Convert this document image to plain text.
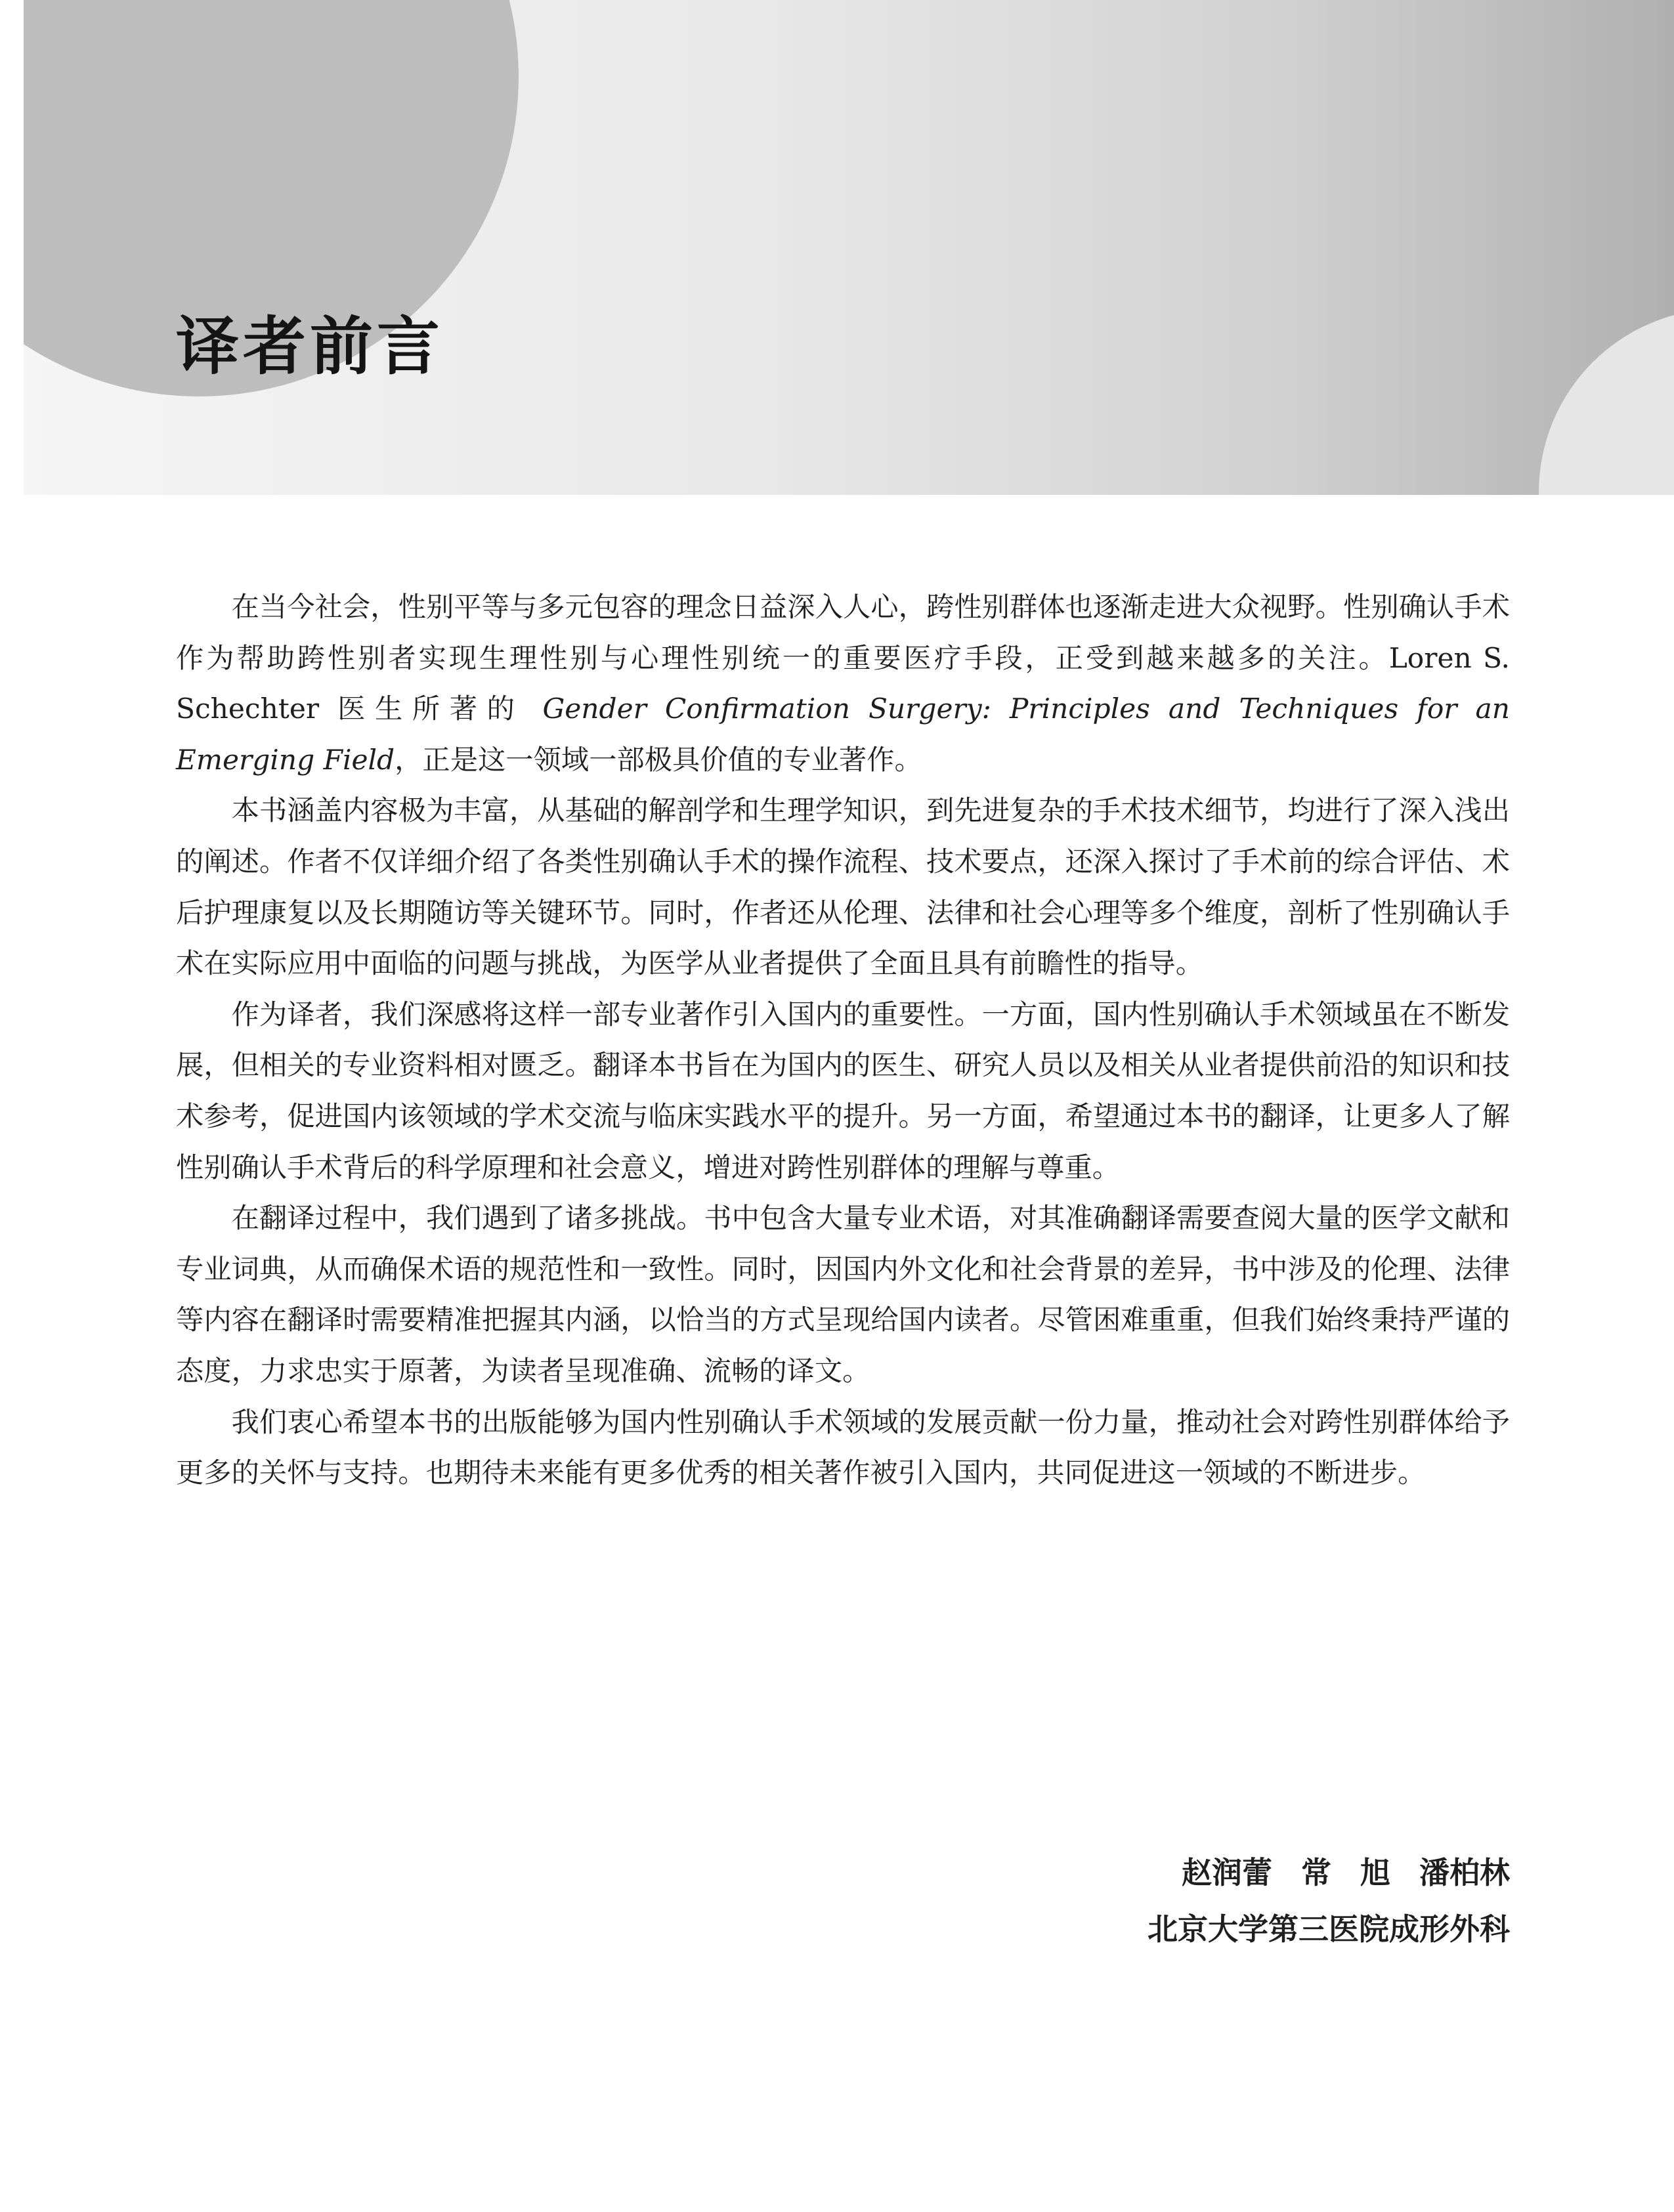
译者前言

在当今社会，性别平等与多元包容的理念日益深入人心，跨性别群体也逐渐走进大众视野。性别确认手术作为帮助跨性别者实现生理性别与心理性别统一的重要医疗手段，正受到越来越多的关注。Loren S. Schechter 医生所著的 Gender Confirmation Surgery: Principles and Techniques for an Emerging Field，正是这一领域一部极具价值的专业著作。

本书涵盖内容极为丰富，从基础的解剖学和生理学知识，到先进复杂的手术技术细节，均进行了深入浅出的阐述。作者不仅详细介绍了各类性别确认手术的操作流程、技术要点，还深入探讨了手术前的综合评估、术后护理康复以及长期随访等关键环节。同时，作者还从伦理、法律和社会心理等多个维度，剖析了性别确认手术在实际应用中面临的问题与挑战，为医学从业者提供了全面且具有前瞻性的指导。

作为译者，我们深感将这样一部专业著作引入国内的重要性。一方面，国内性别确认手术领域虽在不断发展，但相关的专业资料相对匮乏。翻译本书旨在为国内的医生、研究人员以及相关从业者提供前沿的知识和技术参考，促进国内该领域的学术交流与临床实践水平的提升。另一方面，希望通过本书的翻译，让更多人了解性别确认手术背后的科学原理和社会意义，增进对跨性别群体的理解与尊重。

在翻译过程中，我们遇到了诸多挑战。书中包含大量专业术语，对其准确翻译需要查阅大量的医学文献和专业词典，从而确保术语的规范性和一致性。同时，因国内外文化和社会背景的差异，书中涉及的伦理、法律等内容在翻译时需要精准把握其内涵，以恰当的方式呈现给国内读者。尽管困难重重，但我们始终秉持严谨的态度，力求忠实于原著，为读者呈现准确、流畅的译文。

我们衷心希望本书的出版能够为国内性别确认手术领域的发展贡献一份力量，推动社会对跨性别群体给予更多的关怀与支持。也期待未来能有更多优秀的相关著作被引入国内，共同促进这一领域的不断进步。

赵润蕾 常 旭 潘柏林
北京大学第三医院成形外科
